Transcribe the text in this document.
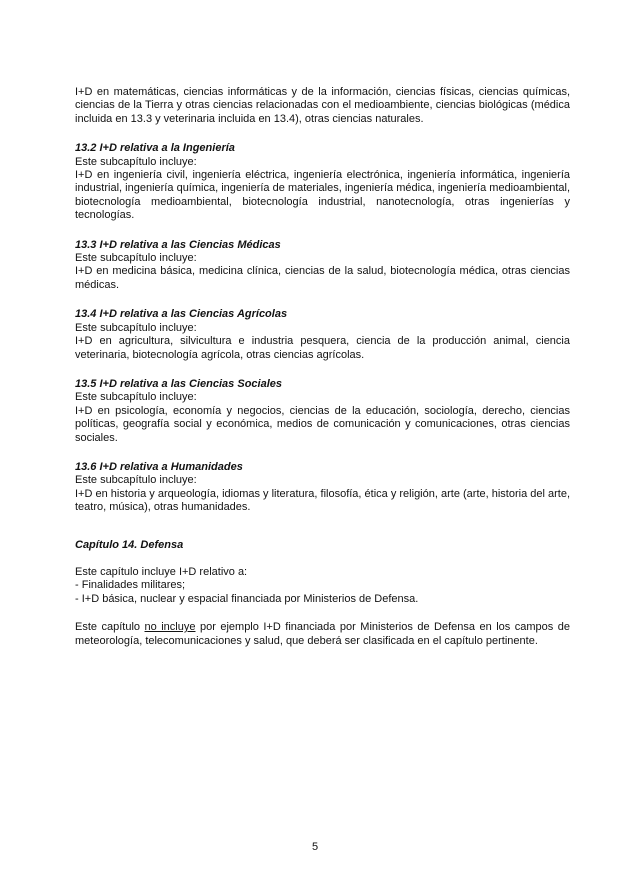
I+D en matemáticas, ciencias informáticas y de la información, ciencias físicas, ciencias químicas, ciencias de la Tierra y otras ciencias relacionadas con el medioambiente, ciencias biológicas (médica incluida en 13.3 y veterinaria incluida en 13.4), otras ciencias naturales.

13.2 I+D relativa a la Ingeniería

Este subcapítulo incluye:

I+D en ingeniería civil, ingeniería eléctrica, ingeniería electrónica, ingeniería informática, ingeniería industrial, ingeniería química, ingeniería de materiales, ingeniería médica, ingeniería medioambiental, biotecnología medioambiental, biotecnología industrial, nanotecnología, otras ingenierías y tecnologías.

13.3 I+D relativa a las Ciencias Médicas

Este subcapítulo incluye:

I+D en medicina básica, medicina clínica, ciencias de la salud, biotecnología médica, otras ciencias médicas.

13.4 I+D relativa a las Ciencias Agrícolas

Este subcapítulo incluye:

I+D en agricultura, silvicultura e industria pesquera, ciencia de la producción animal, ciencia veterinaria, biotecnología agrícola, otras ciencias agrícolas.

13.5 I+D relativa a las Ciencias Sociales

Este subcapítulo incluye:

I+D en psicología, economía y negocios, ciencias de la educación, sociología, derecho, ciencias políticas, geografía social y económica, medios de comunicación y comunicaciones, otras ciencias sociales.

13.6 I+D relativa a Humanidades

Este subcapítulo incluye:

I+D en historia y arqueología, idiomas y literatura, filosofía, ética y religión, arte (arte, historia del arte, teatro, música), otras humanidades.

Capítulo 14. Defensa

Este capítulo incluye I+D relativo a:

- Finalidades militares;

- I+D básica, nuclear y espacial financiada por Ministerios de Defensa.

Este capítulo no incluye por ejemplo I+D financiada por Ministerios de Defensa en los campos de meteorología, telecomunicaciones y salud, que deberá ser clasificada en el capítulo pertinente.

5
